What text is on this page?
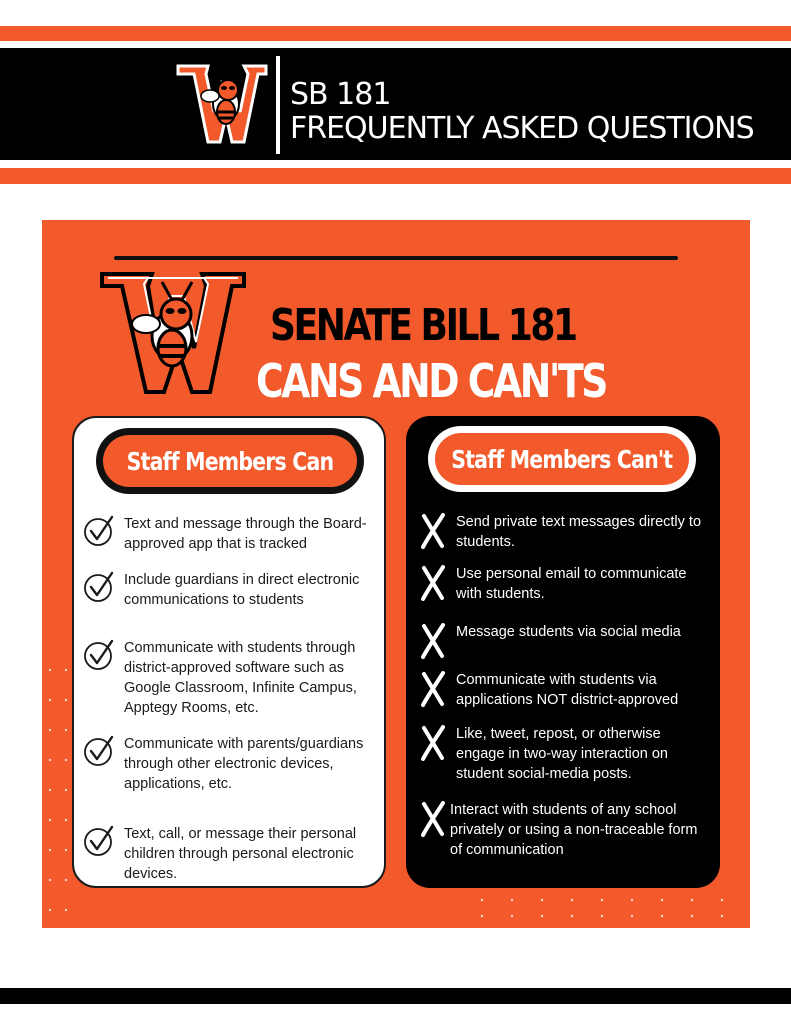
SB 181
FREQUENTLY ASKED QUESTIONS
SENATE BILL 181
CANS AND CAN'TS
Staff Members Can
Text and message through the Board-approved app that is tracked
Include guardians in direct electronic communications to students
Communicate with students through district-approved software such as Google Classroom, Infinite Campus, Apptegy Rooms, etc.
Communicate with parents/guardians through other electronic devices, applications, etc.
Text, call, or message their personal children through personal electronic devices.
Staff Members Can't
Send private text messages directly to students.
Use personal email to communicate with students.
Message students via social media
Communicate with students via applications NOT district-approved
Like, tweet, repost, or otherwise engage in two-way interaction on student social-media posts.
Interact with students of any school privately or using a non-traceable form of communication
